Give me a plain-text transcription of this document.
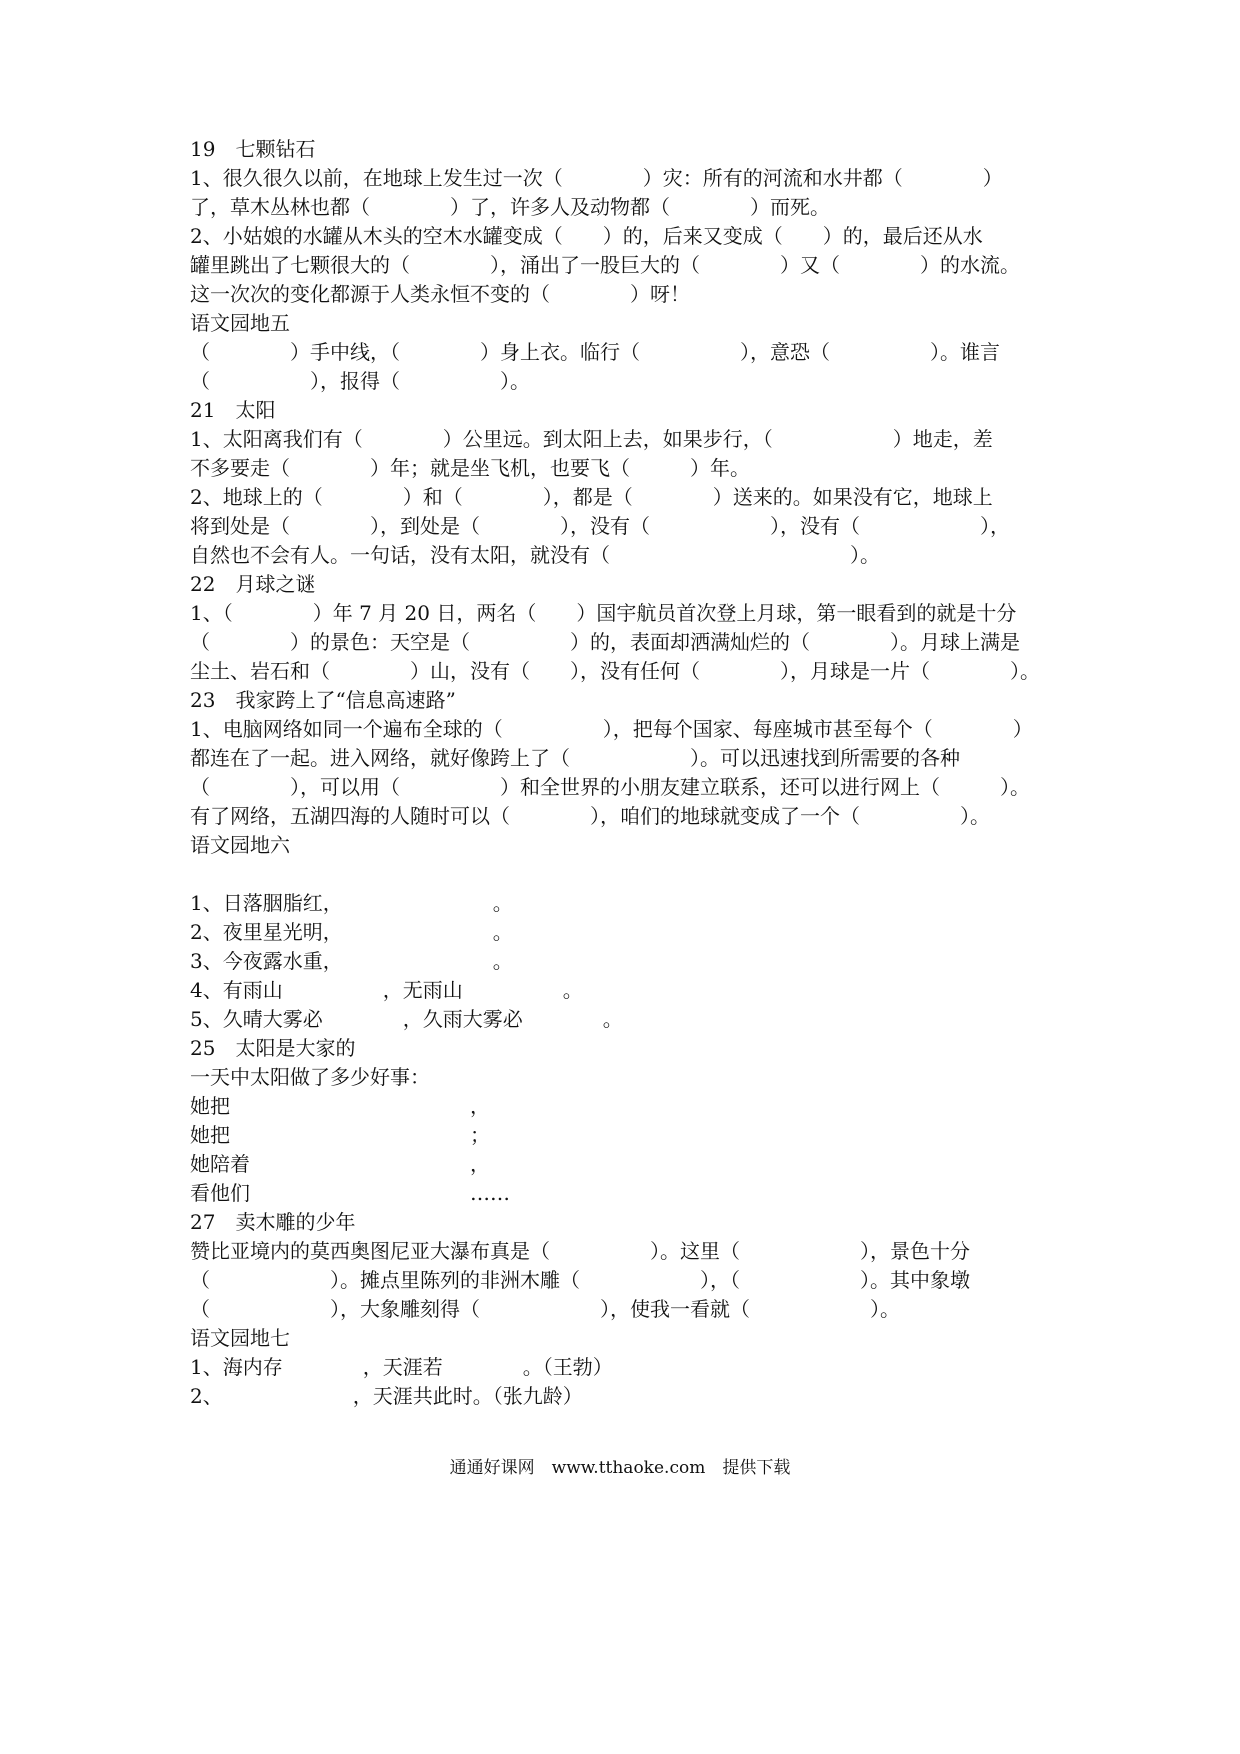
19　七颗钻石
1、很久很久以前，在地球上发生过一次（　　　　）灾：所有的河流和水井都（　　　　）
了，草木丛林也都（　　　　）了，许多人及动物都（　　　　）而死。
2、小姑娘的水罐从木头的空木水罐变成（　　）的，后来又变成（　　）的，最后还从水
罐里跳出了七颗很大的（　　　　），涌出了一股巨大的（　　　　）又（　　　　）的水流。
这一次次的变化都源于人类永恒不变的（　　　　）呀！
语文园地五
（　　　　）手中线，（　　　　）身上衣。临行（　　　　　），意恐（　　　　　）。谁言
（　　　　　），报得（　　　　　）。
21　太阳
1、太阳离我们有（　　　　）公里远。到太阳上去，如果步行，（　　　　　　）地走，差
不多要走（　　　　）年；就是坐飞机，也要飞（　　　）年。
2、地球上的（　　　　）和（　　　　），都是（　　　　）送来的。如果没有它，地球上
将到处是（　　　　），到处是（　　　　），没有（　　　　　　），没有（　　　　　　），
自然也不会有人。一句话，没有太阳，就没有（　　　　　　　　　　　　）。
22　月球之谜
1、（　　　　）年 7 月 20 日，两名（　　）国宇航员首次登上月球，第一眼看到的就是十分
（　　　　）的景色：天空是（　　　　　）的，表面却洒满灿烂的（　　　　）。月球上满是
尘土、岩石和（　　　　）山，没有（　　），没有任何（　　　　），月球是一片（　　　　）。
23　我家跨上了“信息高速路”
1、电脑网络如同一个遍布全球的（　　　　　），把每个国家、每座城市甚至每个（　　　　）
都连在了一起。进入网络，就好像跨上了（　　　　　　）。可以迅速找到所需要的各种
（　　　　），可以用（　　　　　）和全世界的小朋友建立联系，还可以进行网上（　　　）。
有了网络，五湖四海的人随时可以（　　　　），咱们的地球就变成了一个（　　　　　）。
语文园地六
1、日落胭脂红，　　　　　　　　。
2、夜里星光明，　　　　　　　　。
3、今夜露水重，　　　　　　　　。
4、有雨山　　　　　，无雨山　　　　　。
5、久晴大雾必　　　　，久雨大雾必　　　　。
25　太阳是大家的
一天中太阳做了多少好事：
她把　　　　　　　　　　　　，
她把　　　　　　　　　　　　；
她陪着　　　　　　　　　　　，
看他们　　　　　　　　　　　……
27　卖木雕的少年
赞比亚境内的莫西奥图尼亚大瀑布真是（　　　　　）。这里（　　　　　　），景色十分
（　　　　　　）。摊点里陈列的非洲木雕（　　　　　　），（　　　　　　）。其中象墩
（　　　　　　），大象雕刻得（　　　　　　），使我一看就（　　　　　　）。
语文园地七
1、海内存　　　　，天涯若　　　　。（王勃）
2、　　　　　　　，天涯共此时。（张九龄）
通通好课网　www.tthaoke.com　提供下载
